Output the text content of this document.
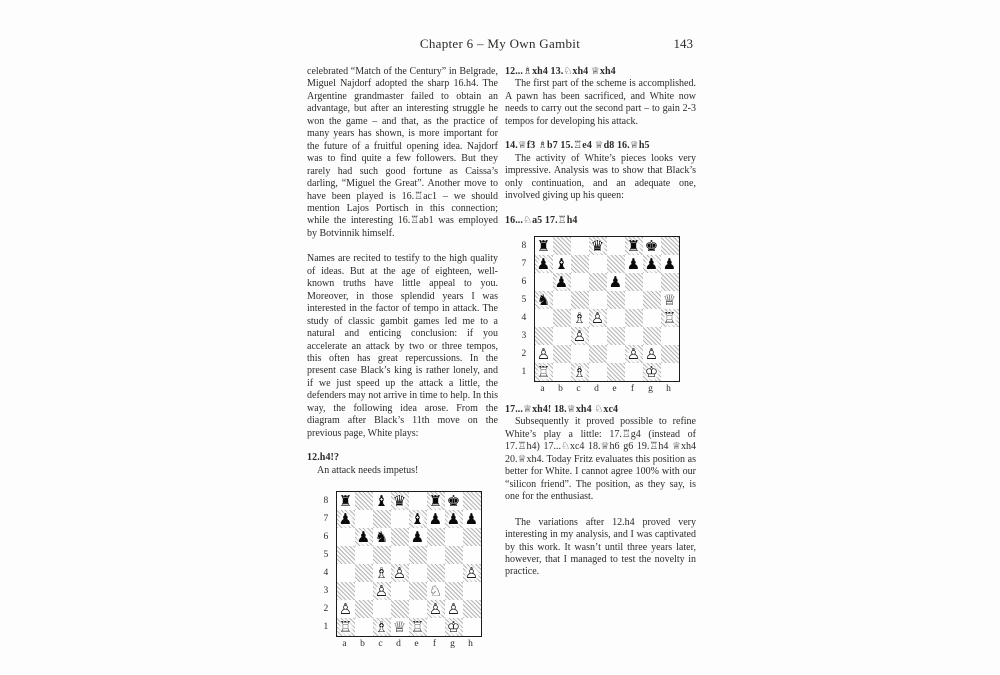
Chapter 6 – My Own Gambit	143

celebrated “Match of the Century” in Belgrade, Miguel Najdorf adopted the sharp 16.h4. The Argentine grandmaster failed to obtain an advantage, but after an interesting struggle he won the game – and that, as the practice of many years has shown, is more important for the future of a fruitful opening idea. Najdorf was to find quite a few followers. But they rarely had such good fortune as Caissa’s darling, “Miguel the Great”. Another move to have been played is 16.♖ac1 – we should mention Lajos Portisch in this connection; while the interesting 16.♖ab1 was employed by Botvinnik himself.

Names are recited to testify to the high quality of ideas. But at the age of eighteen, well-known truths have little appeal to you. Moreover, in those splendid years I was interested in the factor of tempo in attack. The study of classic gambit games led me to a natural and enticing conclusion: if you accelerate an attack by two or three tempos, this often has great repercussions. In the present case Black’s king is rather lonely, and if we just speed up the attack a little, the defenders may not arrive in time to help. In this way, the following idea arose. From the diagram after Black’s 11th move on the previous page, White plays:

12.h4!?

An attack needs impetus!

8
7
6
5
4
3
2
1
♜ ♝ ♛ ♜ ♚
♟	♝ ♟ ♟ ♟
♟ ♞ ♟
♗ ♙	♙
♙	♘
♙	♙ ♙
♖ ♗ ♕ ♖ ♔
a	b	c	d	e	f	g	h

12...♗xh4 13.♘xh4 ♕xh4

The first part of the scheme is accomplished. A pawn has been sacrificed, and White now needs to carry out the second part – to gain 2-3 tempos for developing his attack.

14.♕f3 ♗b7 15.♖e4 ♕d8 16.♕h5

The activity of White’s pieces looks very impressive. Analysis was to show that Black’s only continuation, and an adequate one, involved giving up his queen:

16...♘a5 17.♖h4

8
7
6
5
4
3
2
1
♜	♛ ♜ ♚
♟ ♝	♟ ♟ ♟
♟	♟
♞	♕
♗ ♙	♖
♙
♙	♙ ♙
♖ ♗	♔
a	b	c	d	e	f	g	h

17...♕xh4! 18.♕xh4 ♘xc4

Subsequently it proved possible to refine White’s play a little: 17.♖g4 (instead of 17.♖h4) 17...♘xc4 18.♕h6 g6 19.♖h4 ♕xh4 20.♕xh4. Today Fritz evaluates this position as better for White. I cannot agree 100% with our “silicon friend”. The position, as they say, is one for the enthusiast.

The variations after 12.h4 proved very interesting in my analysis, and I was captivated by this work. It wasn’t until three years later, however, that I managed to test the novelty in practice.
